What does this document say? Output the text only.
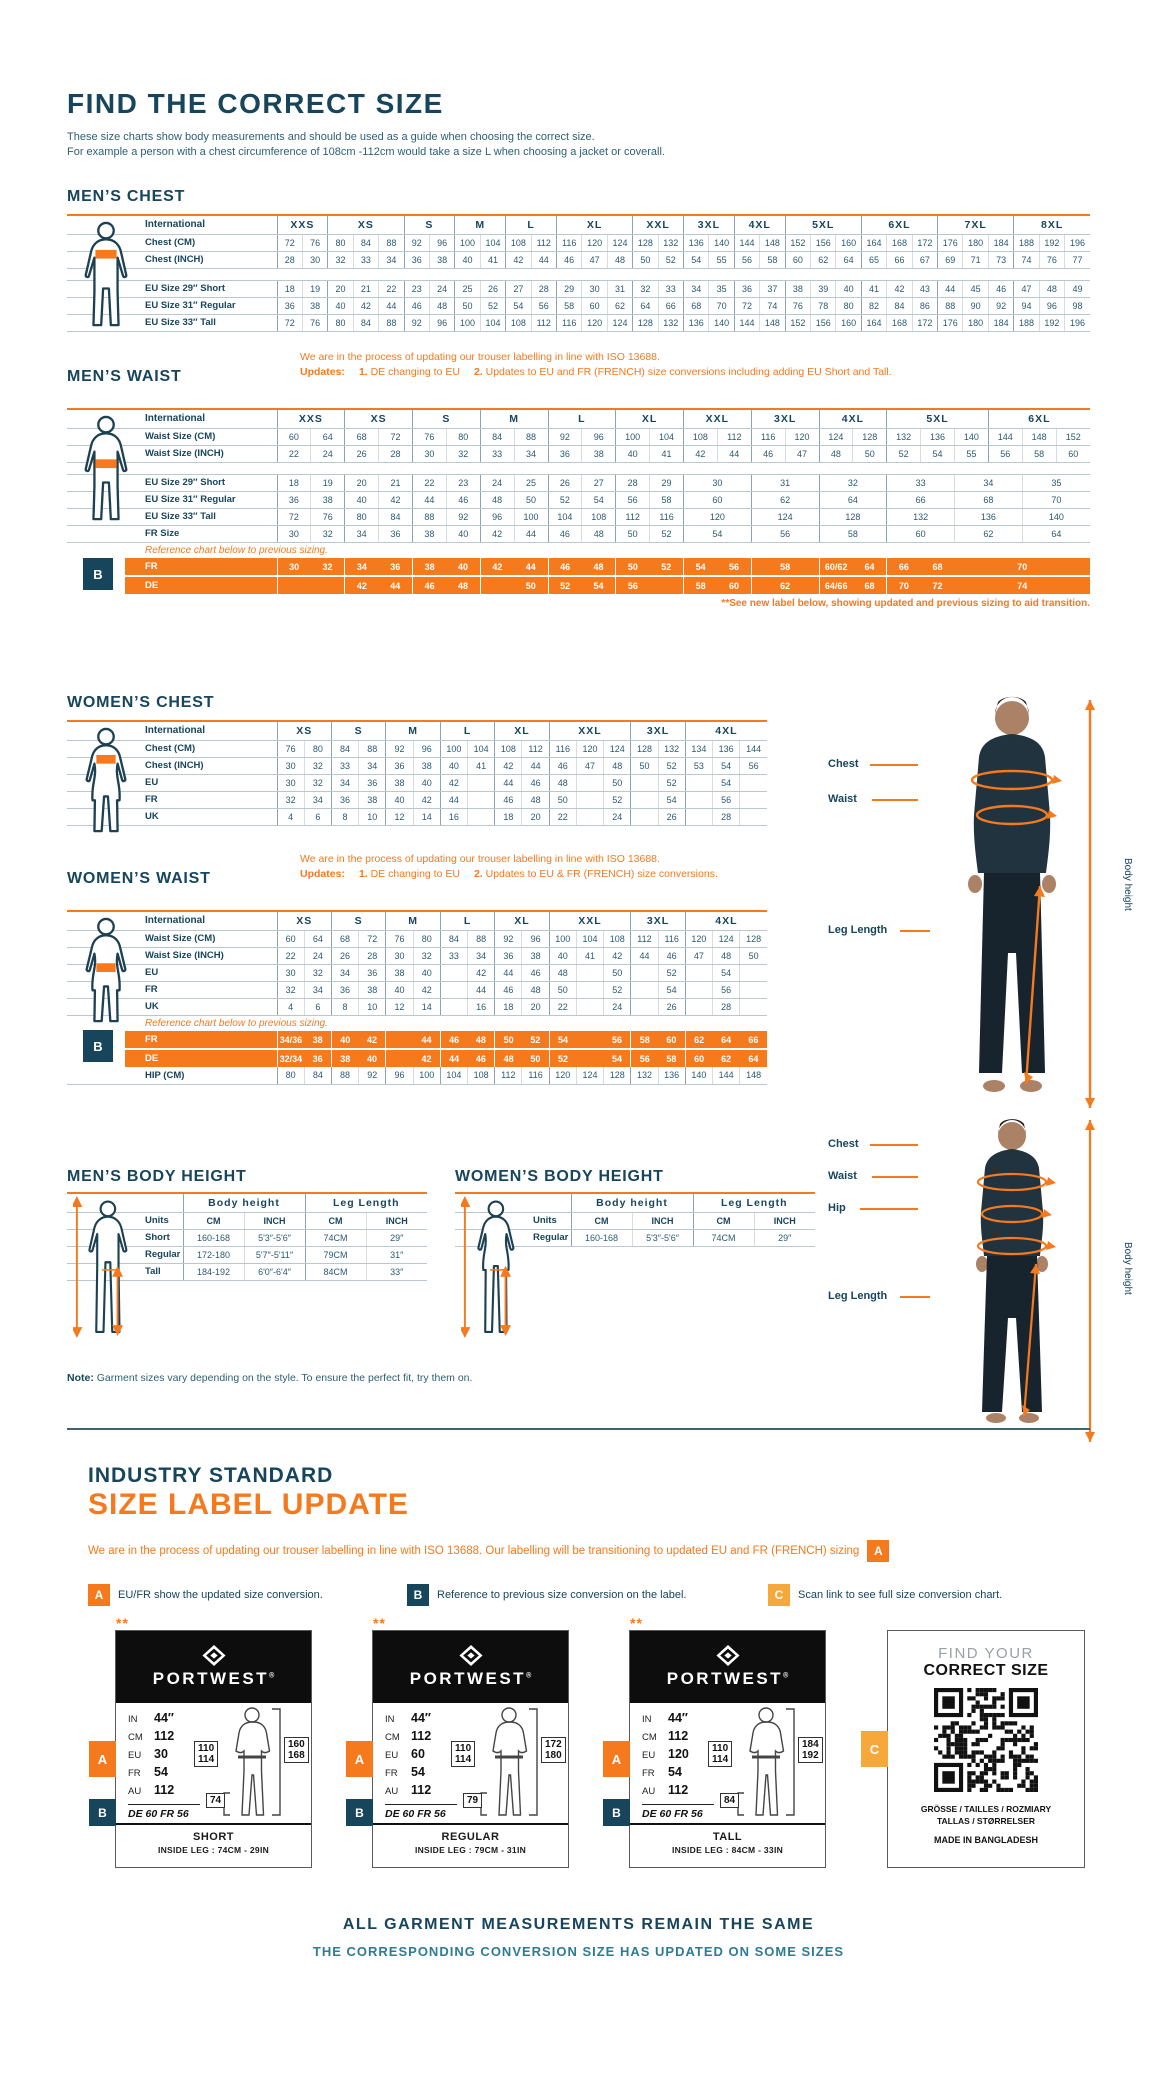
FIND THE CORRECT SIZE
These size charts show body measurements and should be used as a guide when choosing the correct size.
For example a person with a chest circumference of 108cm -112cm would take a size L when choosing a jacket or coverall.
MEN’S CHEST
International	XXS		XS			S		M		L		XL			XXL		3XL		4XL		5XL			6XL			7XL			8XL		
Chest (CM)	72	76	80	84	88	92	96	100	104	108	112	116	120	124	128	132	136	140	144	148	152	156	160	164	168	172	176	180	184	188	192	196
Chest (INCH)	28	30	32	33	34	36	38	40	41	42	44	46	47	48	50	52	54	55	56	58	60	62	64	65	66	67	69	71	73	74	76	77

EU Size 29″ Short	18	19	20	21	22	23	24	25	26	27	28	29	30	31	32	33	34	35	36	37	38	39	40	41	42	43	44	45	46	47	48	49
EU Size 31″ Regular	36	38	40	42	44	46	48	50	52	54	56	58	60	62	64	66	68	70	72	74	76	78	80	82	84	86	88	90	92	94	96	98
EU Size 33″ Tall	72	76	80	84	88	92	96	100	104	108	112	116	120	124	128	132	136	140	144	148	152	156	160	164	168	172	176	180	184	188	192	196
We are in the process of updating our trouser labelling in line with ISO 13688.
Updates: 1. DE changing to EU 2. Updates to EU and FR (FRENCH) size conversions including adding EU Short and Tall.
MEN’S WAIST
International	XXS		XS		S		M		L		XL		XXL		3XL		4XL		5XL			6XL		
Waist Size (CM)	60	64	68	72	76	80	84	88	92	96	100	104	108	112	116	120	124	128	132	136	140	144	148	152
Waist Size (INCH)	22	24	26	28	30	32	33	34	36	38	40	41	42	44	46	47	48	50	52	54	55	56	58	60

EU Size 29″ Short	18	19	20	21	22	23	24	25	26	27	28	29	30		31		32		33		34		35	
EU Size 31″ Regular	36	38	40	42	44	46	48	50	52	54	56	58	60		62		64		66		68		70	
EU Size 33″ Tall	72	76	80	84	88	92	96	100	104	108	112	116	120		124		128		132		136		140	
FR Size	30	32	34	36	38	40	42	44	46	48	50	52	54		56		58		60		62		64	
Reference chart below to previous sizing.																								
FR	30	32	34	36	38	40	42	44	46	48	50	52	54	56	58		60/62	64	66	68	70			
DE			42	44	46	48		50	52	54	56		58	60	62		64/66	68	70	72	74			
**See new label below, showing updated and previous sizing to aid transition.																								
B
WOMEN’S CHEST
International	XS		S		M		L		XL		XXL			3XL		4XL		
Chest (CM)	76	80	84	88	92	96	100	104	108	112	116	120	124	128	132	134	136	144
Chest (INCH)	30	32	33	34	36	38	40	41	42	44	46	47	48	50	52	53	54	56
EU	30	32	34	36	38	40	42		44	46	48		50		52		54	
FR	32	34	36	38	40	42	44		46	48	50		52		54		56	
UK	4	6	8	10	12	14	16		18	20	22		24		26		28	
We are in the process of updating our trouser labelling in line with ISO 13688.
Updates: 1. DE changing to EU 2. Updates to EU & FR (FRENCH) size conversions.
WOMEN’S WAIST
International	XS		S		M		L		XL		XXL			3XL		4XL		
Waist Size (CM)	60	64	68	72	76	80	84	88	92	96	100	104	108	112	116	120	124	128
Waist Size (INCH)	22	24	26	28	30	32	33	34	36	38	40	41	42	44	46	47	48	50
EU	30	32	34	36	38	40		42	44	46	48		50		52		54	
FR	32	34	36	38	40	42		44	46	48	50		52		54		56	
UK	4	6	8	10	12	14		16	18	20	22		24		26		28	
Reference chart below to previous sizing.																		
FR	34/36	38	40	42		44	46	48	50	52	54		56	58	60	62	64	66
DE	32/34	36	38	40		42	44	46	48	50	52		54	56	58	60	62	64
HIP (CM)	80	84	88	92	96	100	104	108	112	116	120	124	128	132	136	140	144	148
B
Chest
Waist
Leg Length
Body height
Chest
Waist
Hip
Leg Length
Body height
MEN’S BODY HEIGHT
	Body height		Leg Length	
Units	CM	INCH	CM	INCH
Short	160-168	5'3″-5'6″	74CM	29″
Regular	172-180	5'7″-5'11″	79CM	31″
Tall	184-192	6'0″-6'4″	84CM	33″
WOMEN’S BODY HEIGHT
	Body height		Leg Length	
Units	CM	INCH	CM	INCH
Regular	160-168	5'3″-5'6″	74CM	29″
Note: Garment sizes vary depending on the style. To ensure the perfect fit, try them on.
INDUSTRY STANDARD
SIZE LABEL UPDATE
We are in the process of updating our trouser labelling in line with ISO 13688. Our labelling will be transitioning to updated EU and FR (FRENCH) sizing	A
A	EU/FR show the updated size conversion.	B	Reference to previous size conversion on the label.	C	Scan link to see full size conversion chart.
**
PORTWEST®
IN	44″
CM 112
EU	30
FR	54
AU	112
DE 60 FR 56
110
114
160
168
74
SHORT
INSIDE LEG : 74CM - 29IN
A
B
**
PORTWEST®
IN	44″
CM 112
EU	60
FR	54
AU	112
DE 60 FR 56
110
114
172
180
79
REGULAR
INSIDE LEG : 79CM - 31IN
A
B
**
PORTWEST®
IN	44″
CM 112
EU	120
FR	54
AU	112
DE 60 FR 56
110
114
184
192
84
TALL
INSIDE LEG : 84CM - 33IN
A
B
FIND YOUR
CORRECT SIZE
GRÖSSE / TAILLES / ROZMIARY
TALLAS / STØRRELSER
MADE IN BANGLADESH
C
ALL GARMENT MEASUREMENTS REMAIN THE SAME
THE CORRESPONDING CONVERSION SIZE HAS UPDATED ON SOME SIZES
